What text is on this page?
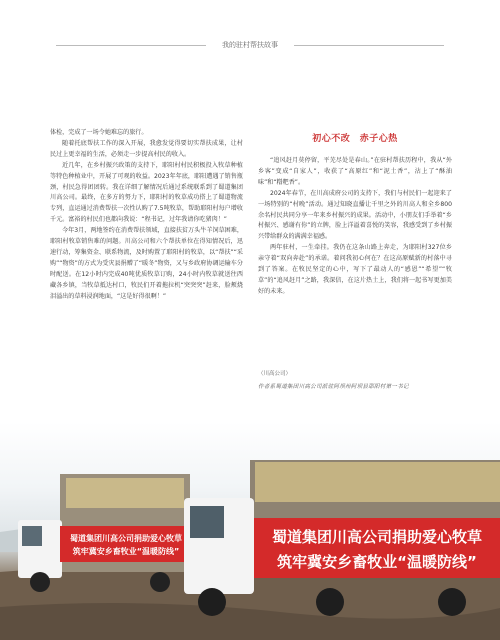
我的驻村帮扶故事

体检，完成了一场令她难忘的旅行。

随着托底帮扶工作的深入开展，我愈发觉得要切实帮扶成果，让村民过上更幸福的生活，必须走一步提高村民的收入。

近几年，在乡村振兴政策的支持下，耶阳村村民积极投入牧草种植等特色种植业中，开展了可观的收益。2023年年底，耶阳遭遇了销售瓶颈，村民急得团团转。我在详细了解情况后通过系统联系到了蜀道集团川高公司。最终，在多方的努力下，耶阳村的牧草成功搭上了蜀道物流专列，直运通过消费帮扶一次性认购了7.5吨牧草，帮助耶阳村每户增收千元。富裕的村民们也都向我说：“程书记，过年我请你吃猪肉！”

今年3月，两地签约在消费帮扶领域，直接扶贫万头牛羊饲草困难，耶阳村牧草销售难的问题。川高公司和六个帮扶单位在得知情况后，迅速行动，筹集资金、联系物流，及时购置了耶阳村的牧草，以“帮扶”“采购”“物资”的方式为受灾县捐赠了“暖冬”物资，又与乡政府协调运输车分时配送。在12小时内完成40吨优质牧草订购，24小时内牧草就送往西藏各乡镇，当牧草抵达村口，牧民们开着拖拉机“突突突”赶来，脸颊烧泪溢出的草料浸润地面，“这是好得很啊！”

初心不改　赤子心热

“追风赶月莫停留，平芜尽处是春山。”在驻村帮扶历程中，我从“外乡客”变成“自家人”，收获了“高原红”和“泥土香”，沾上了“酥油味”和“糌粑香”。

2024年春节，在川高成府公司的支持下，我们与村民们一起迎来了一场特别的“村晚”活动。通过知晓直播让千里之外的川高人和全乡800余名村民共同分享一年来乡村振兴的成果。活动中，小朋友们手举着“乡村振兴、感谢有你”的立牌，脸上洋溢着喜悦的笑容，我感受到了乡村振兴带给群众的满满幸福感。

两年驻村，一生牵挂。我仍在这条山路上奔走，为耶阳村327位乡亲守着“双向奔赴”的承诺。着问我初心何在？在这高原赋新的村落中寻到了答案。在牧民坚定的心中，写下了最动人的“感恩”“希望”“牧草”的“追风赶月”之路，我深信，在这片热土上，我们将一起书写更加美好的未来。

（川高公司）
作者系蜀道集团川高公司派驻阿坝州阿坝县耶阳村第一书记
蜀道集团川高公司捐助爱心牧草
筑牢冀安乡畜牧业“温暖防线”
蜀道集团川高公司捐助爱心牧草
筑牢冀安乡畜牧业“温暖防线”
